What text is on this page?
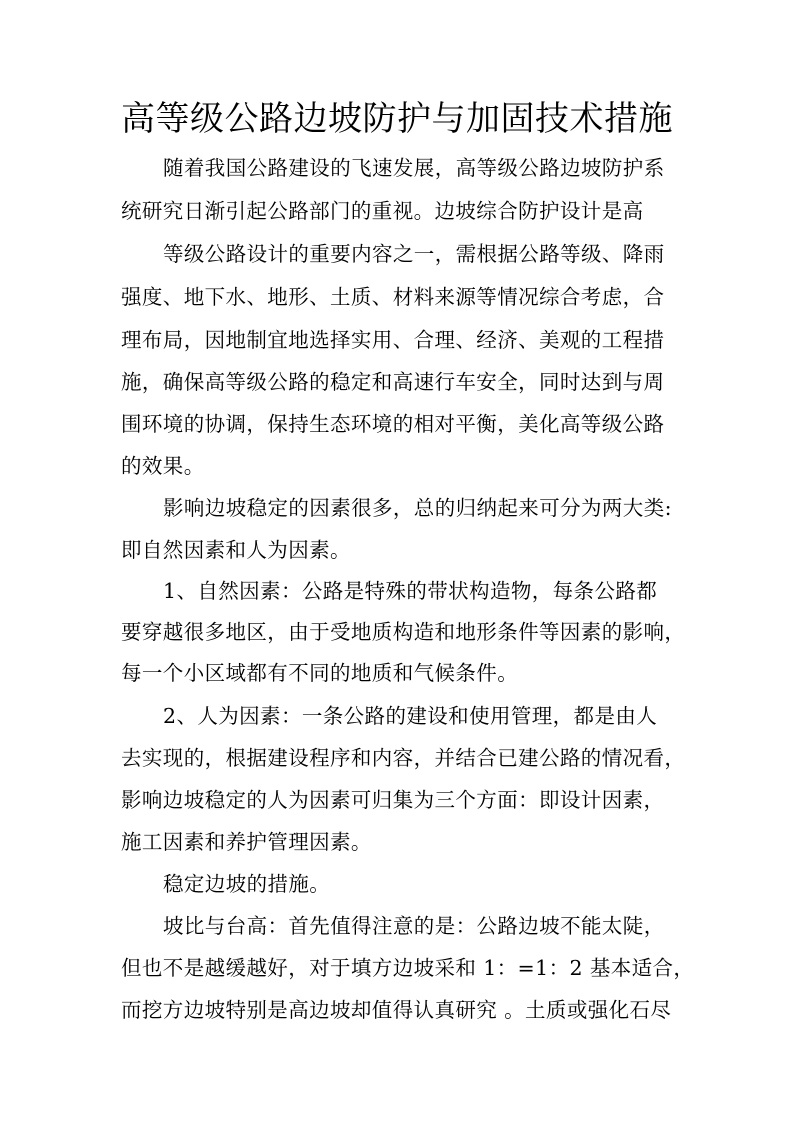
高等级公路边坡防护与加固技术措施

随着我国公路建设的飞速发展，高等级公路边坡防护系

统研究日渐引起公路部门的重视。边坡综合防护设计是高

等级公路设计的重要内容之一，需根据公路等级、降雨

强度、地下水、地形、土质、材料来源等情况综合考虑，合

理布局，因地制宜地选择实用、合理、经济、美观的工程措

施，确保高等级公路的稳定和高速行车安全，同时达到与周

围环境的协调，保持生态环境的相对平衡，美化高等级公路

的效果。

影响边坡稳定的因素很多，总的归纳起来可分为两大类:

即自然因素和人为因素。

1、自然因素：公路是特殊的带状构造物，每条公路都

要穿越很多地区，由于受地质构造和地形条件等因素的影响，

每一个小区域都有不同的地质和气候条件。

2、人为因素：一条公路的建设和使用管理，都是由人

去实现的，根据建设程序和内容，并结合已建公路的情况看，

影响边坡稳定的人为因素可归集为三个方面：即设计因素，

施工因素和养护管理因素。

稳定边坡的措施。

坡比与台高：首先值得注意的是：公路边坡不能太陡，

但也不是越缓越好，对于填方边坡采和 1：=1：2 基本适合，

而挖方边坡特别是高边坡却值得认真研究 。土质或强化石尽
